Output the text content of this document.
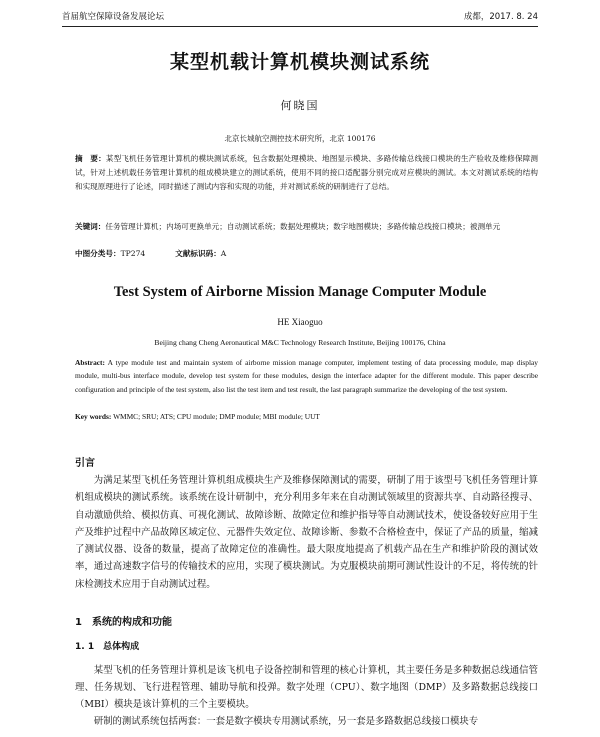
首届航空保障设备发展论坛	成都，2017. 8. 24
某型机载计算机模块测试系统
何晓国
北京长城航空测控技术研究所，北京 100176
摘　要：某型飞机任务管理计算机的模块测试系统，包含数据处理模块、地图显示模块、多路传输总线接口模块的生产验收及维修保障测试，针对上述机载任务管理计算机的组成模块建立的测试系统，使用不同的接口适配器分别完成对应模块的测试。本文对测试系统的结构和实现原理进行了论述，同时描述了测试内容和实现的功能，并对测试系统的研制进行了总结。
关键词：任务管理计算机；内场可更换单元；自动测试系统；数据处理模块；数字地图模块；多路传输总线接口模块；被测单元
中图分类号：TP274	文献标识码：A
Test System of Airborne Mission Manage Computer Module
HE Xiaoguo
Beijing chang Cheng Aeronautical M&C Technology Research Institute, Beijing 100176, China
Abstract: A type module test and maintain system of airborne mission manage computer, implement testing of data processing module, map display module, multi-bus interface module, develop test system for these modules, design the interface adapter for the different module. This paper describe configuration and principle of the test system, also list the test item and test result, the last paragraph summarize the developing of the test system.
Key words: WMMC; SRU; ATS; CPU module; DMP module; MBI module; UUT
引言

为满足某型飞机任务管理计算机组成模块生产及维修保障测试的需要，研制了用于该型号飞机任务管理计算机组成模块的测试系统。该系统在设计研制中，充分利用多年来在自动测试领域里的资源共享、自动路径搜寻、自动激励供给、模拟仿真、可视化测试、故障诊断、故障定位和维护指导等自动测试技术，使设备较好应用于生产及维护过程中产品故障区域定位、元器件失效定位、故障诊断、参数不合格检查中，保证了产品的质量，缩减了测试仪器、设备的数量，提高了故障定位的准确性。最大限度地提高了机载产品在生产和维护阶段的测试效率，通过高速数字信号的传输技术的应用，实现了模块测试。为克服模块前期可测试性设计的不足，将传统的针床检测技术应用于自动测试过程。

1　系统的构成和功能
1. 1　总体构成

某型飞机的任务管理计算机是该飞机电子设备控制和管理的核心计算机，其主要任务是多种数据总线通信管理、任务规划、飞行进程管理、辅助导航和投弹。数字处理（CPU）、数字地图（DMP）及多路数据总线接口（MBI）模块是该计算机的三个主要模块。

研制的测试系统包括两套：一套是数字模块专用测试系统，另一套是多路数据总线接口模块专
